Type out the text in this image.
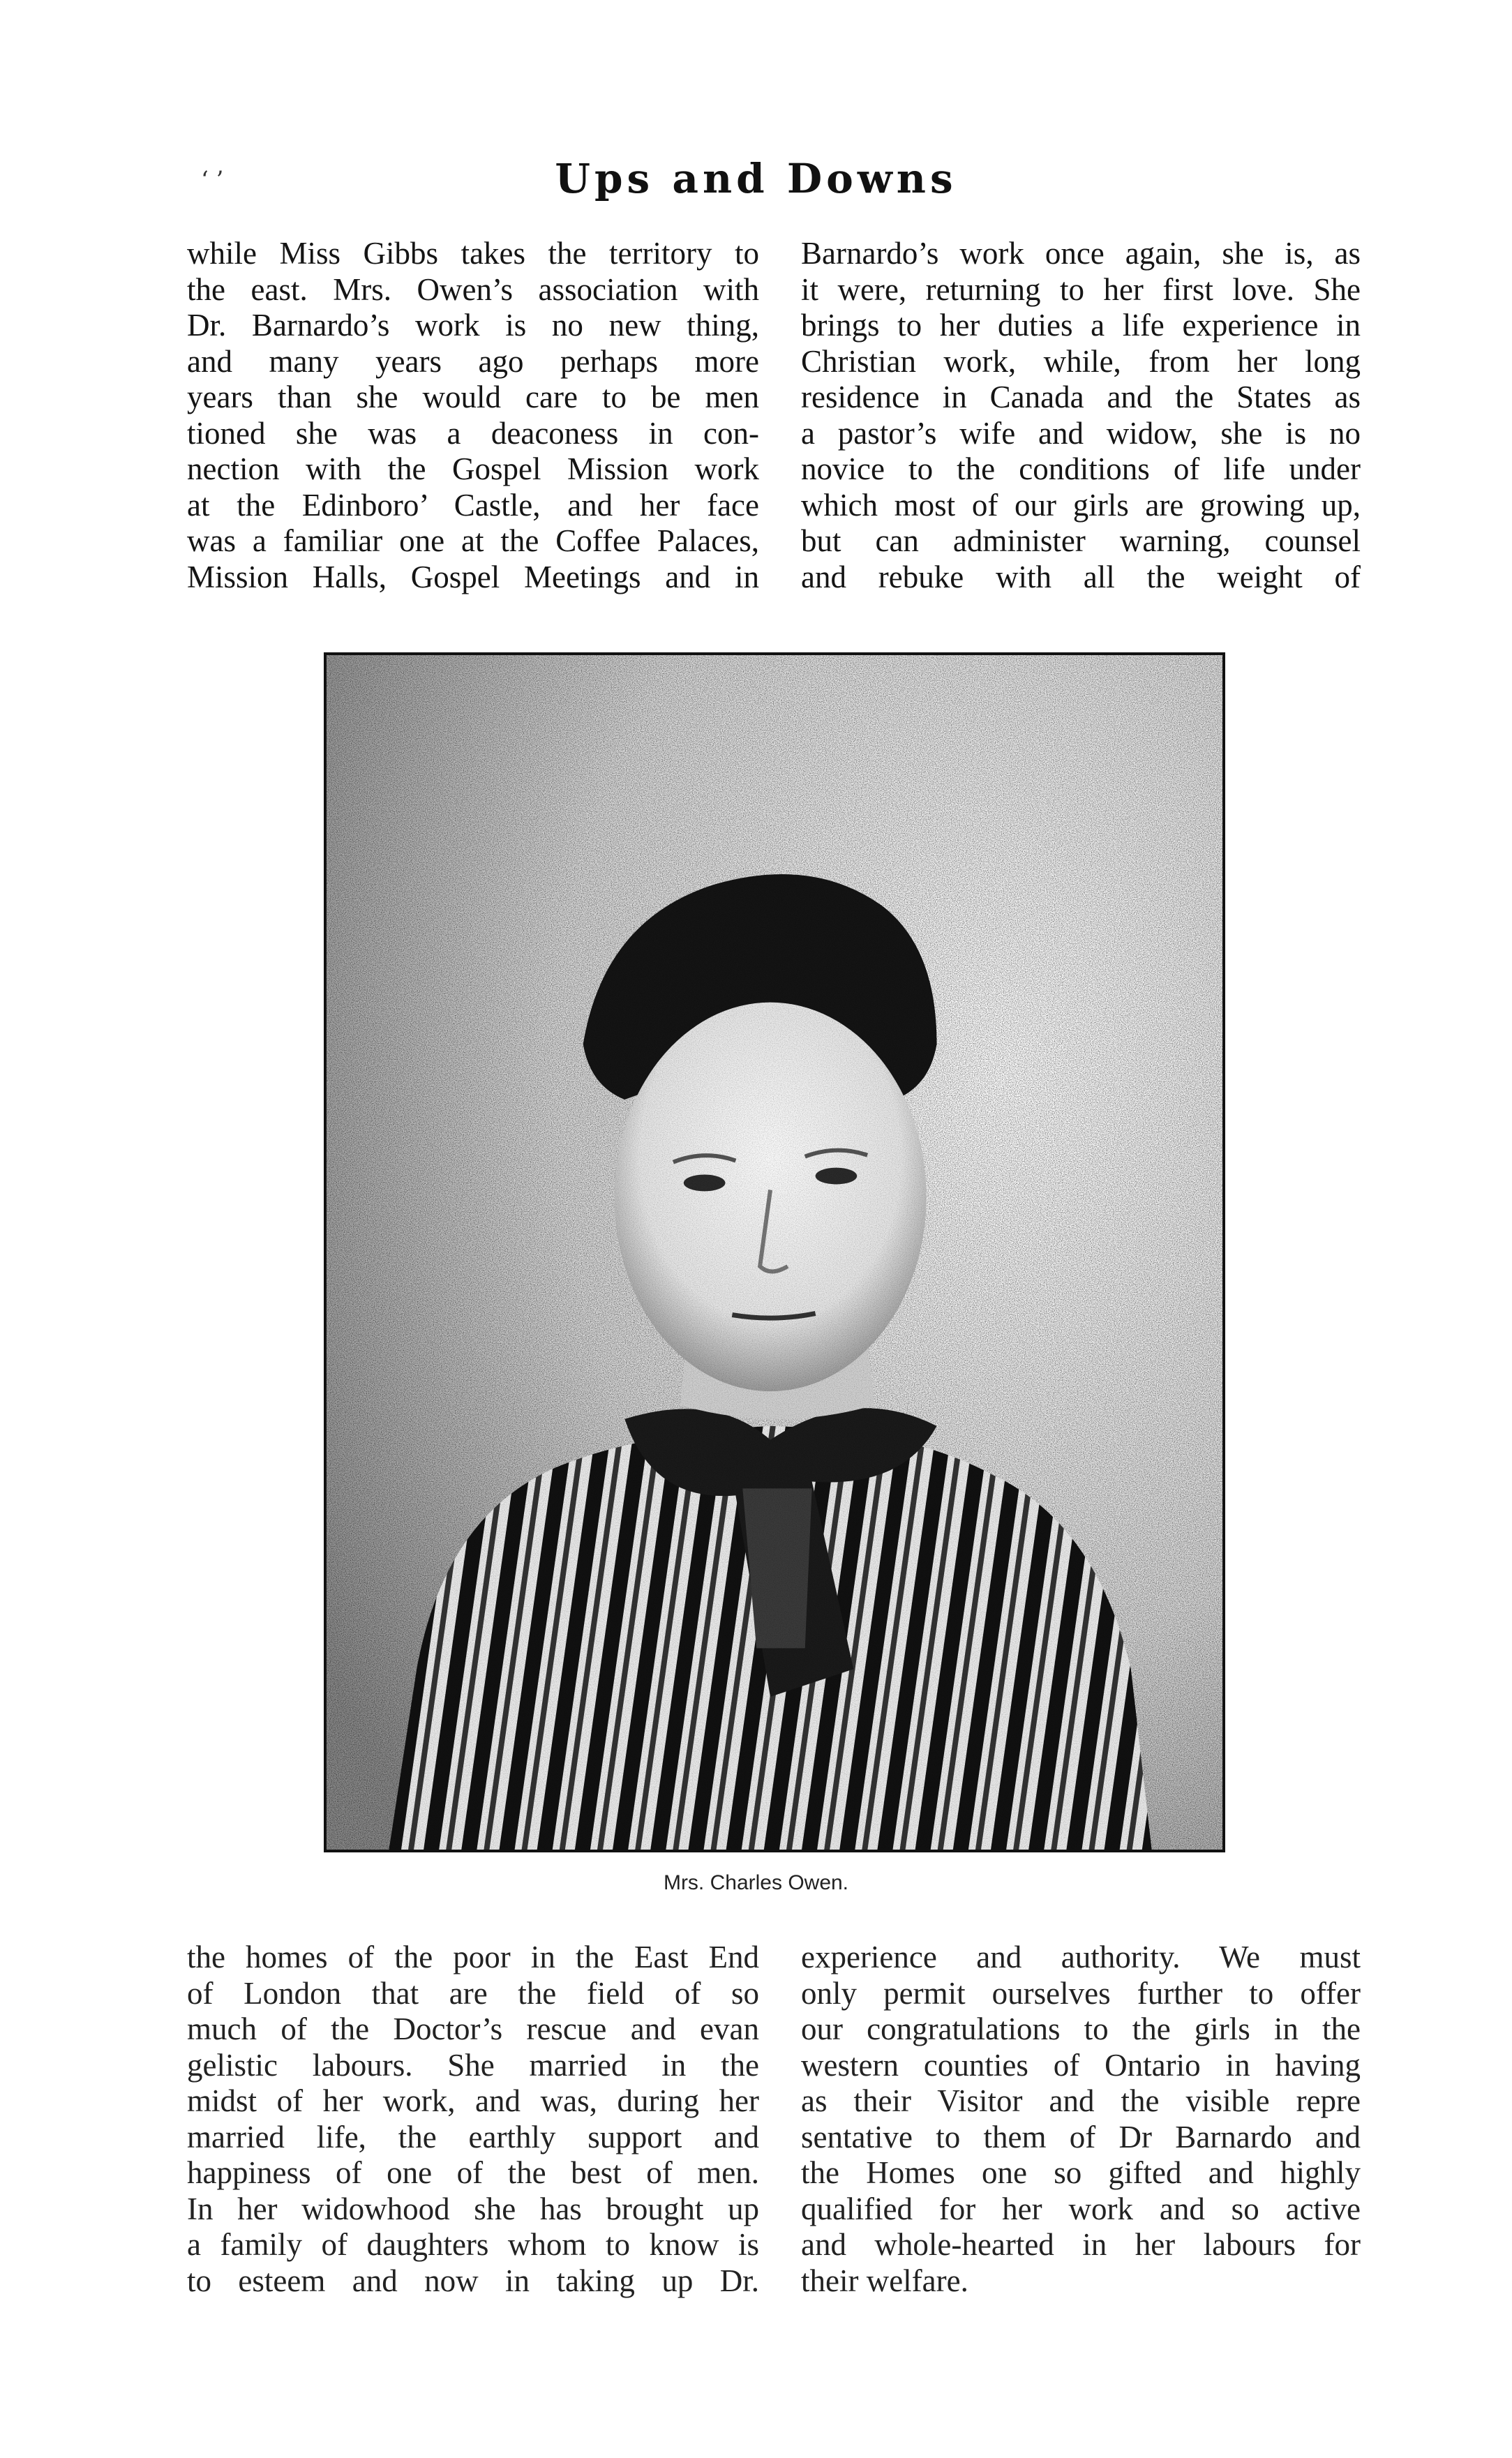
‘ ’	Ups and Downs
while Miss Gibbs takes the territory to
the east. Mrs. Owen’s association with
Dr. Barnardo’s work is no new thing,
and many years ago perhaps more
years than she would care to be men
tioned she was a deaconess in con-
nection with the Gospel Mission work
at the Edinboro’ Castle, and her face
was a familiar one at the Coffee Palaces,
Mission Halls, Gospel Meetings and in
Barnardo’s work once again, she is, as
it were, returning to her first love. She
brings to her duties a life experience in
Christian work, while, from her long
residence in Canada and the States as
a pastor’s wife and widow, she is no
novice to the conditions of life under
which most of our girls are growing up,
but can administer warning, counsel
and rebuke with all the weight of
Mrs. Charles Owen.
the homes of the poor in the East End
of London that are the field of so
much of the Doctor’s rescue and evan
gelistic labours. She married in the
midst of her work, and was, during her
married life, the earthly support and
happiness of one of the best of men.
In her widowhood she has brought up
a family of daughters whom to know is
to esteem and now in taking up Dr.
experience and authority. We must
only permit ourselves further to offer
our congratulations to the girls in the
western counties of Ontario in having
as their Visitor and the visible repre
sentative to them of Dr Barnardo and
the Homes one so gifted and highly
qualified for her work and so active
and whole-hearted in her labours for
their welfare.
